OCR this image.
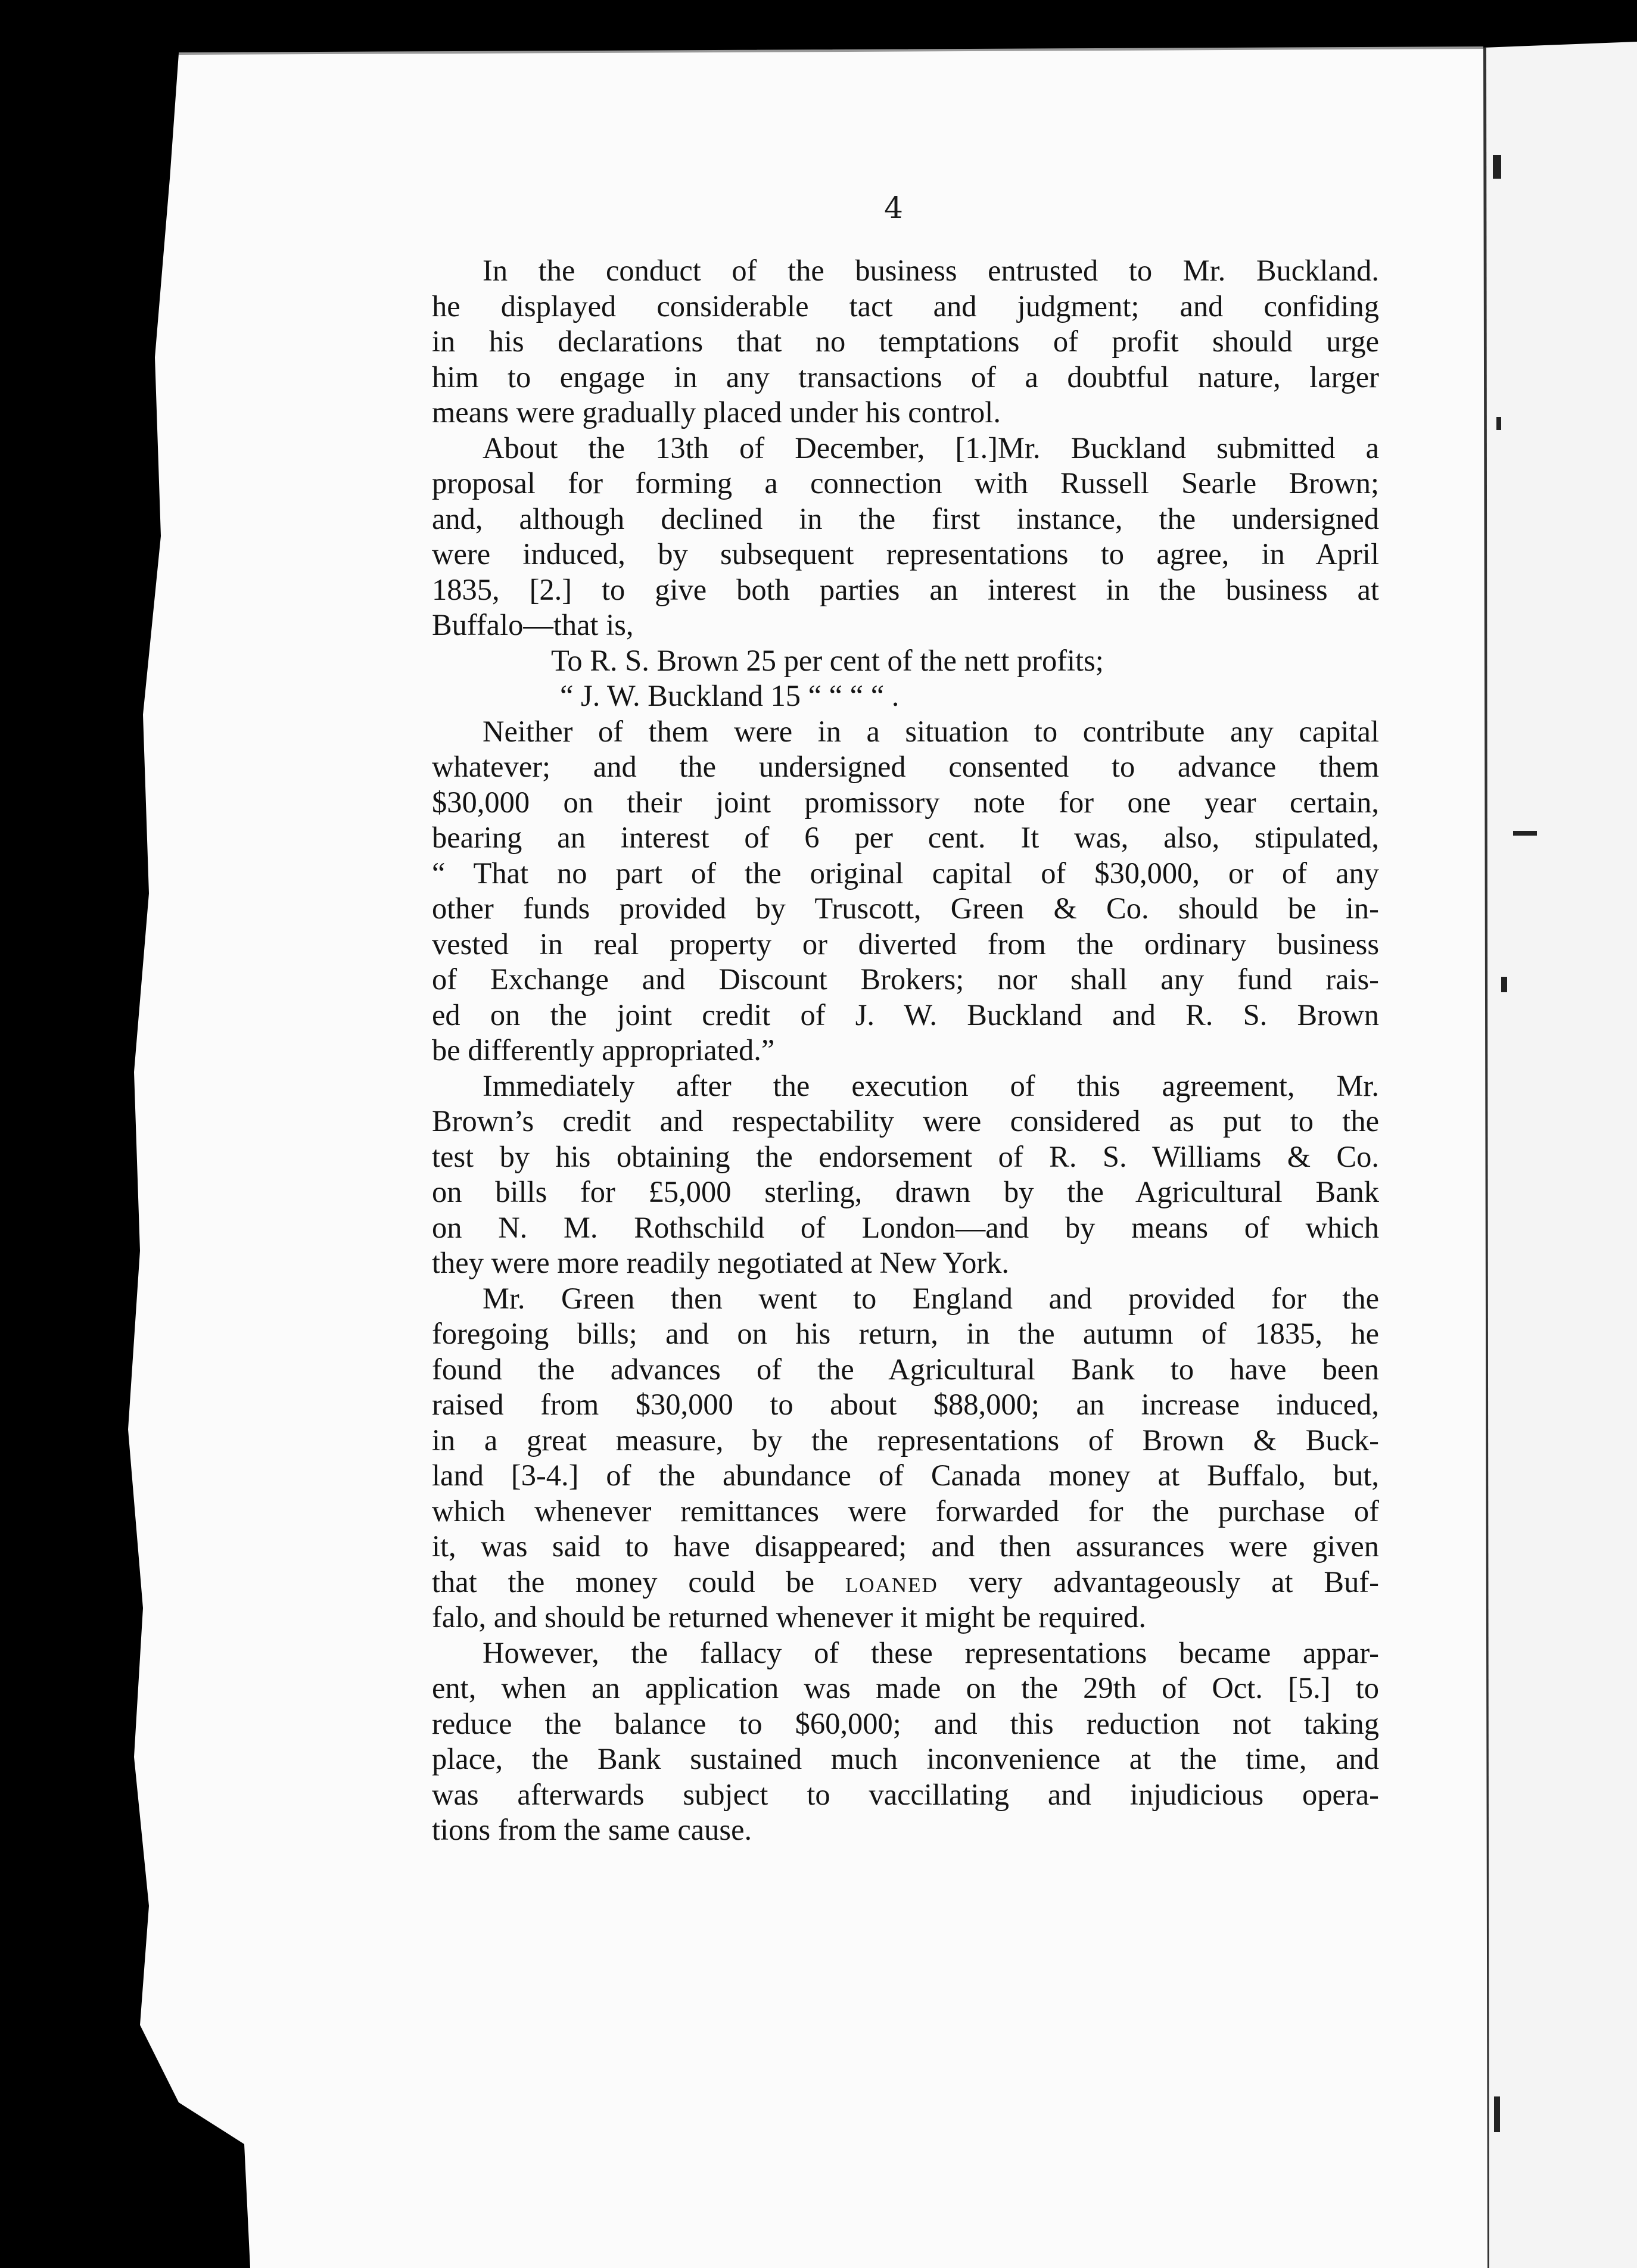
4
In the conduct of the business entrusted to Mr. Buckland.
he displayed considerable tact and judgment; and confiding
in his declarations that no temptations of profit should urge
him to engage in any transactions of a doubtful nature, larger
means were gradually placed under his control.
About the 13th of December, [1.]Mr. Buckland submitted a
proposal for forming a connection with Russell Searle Brown;
and, although declined in the first instance, the undersigned
were induced, by subsequent representations to agree, in April
1835, [2.] to give both parties an interest in the business at
Buffalo—that is,
To R. S. Brown 25 per cent of the nett profits;
“ J. W. Buckland 15 “ “ “ “ .
Neither of them were in a situation to contribute any capital
whatever; and the undersigned consented to advance them
$30,000 on their joint promissory note for one year certain,
bearing an interest of 6 per cent. It was, also, stipulated,
“ That no part of the original capital of $30,000, or of any
other funds provided by Truscott, Green & Co. should be in-
vested in real property or diverted from the ordinary business
of Exchange and Discount Brokers; nor shall any fund rais-
ed on the joint credit of J. W. Buckland and R. S. Brown
be differently appropriated.”
Immediately after the execution of this agreement, Mr.
Brown’s credit and respectability were considered as put to the
test by his obtaining the endorsement of R. S. Williams & Co.
on bills for £5,000 sterling, drawn by the Agricultural Bank
on N. M. Rothschild of London—and by means of which
they were more readily negotiated at New York.
Mr. Green then went to England and provided for the
foregoing bills; and on his return, in the autumn of 1835, he
found the advances of the Agricultural Bank to have been
raised from $30,000 to about $88,000; an increase induced,
in a great measure, by the representations of Brown & Buck-
land [3-4.] of the abundance of Canada money at Buffalo, but,
which whenever remittances were forwarded for the purchase of
it, was said to have disappeared; and then assurances were given
that the money could be loaned very advantageously at Buf-
falo, and should be returned whenever it might be required.
However, the fallacy of these representations became appar-
ent, when an application was made on the 29th of Oct. [5.] to
reduce the balance to $60,000; and this reduction not taking
place, the Bank sustained much inconvenience at the time, and
was afterwards subject to vaccillating and injudicious opera-
tions from the same cause.
